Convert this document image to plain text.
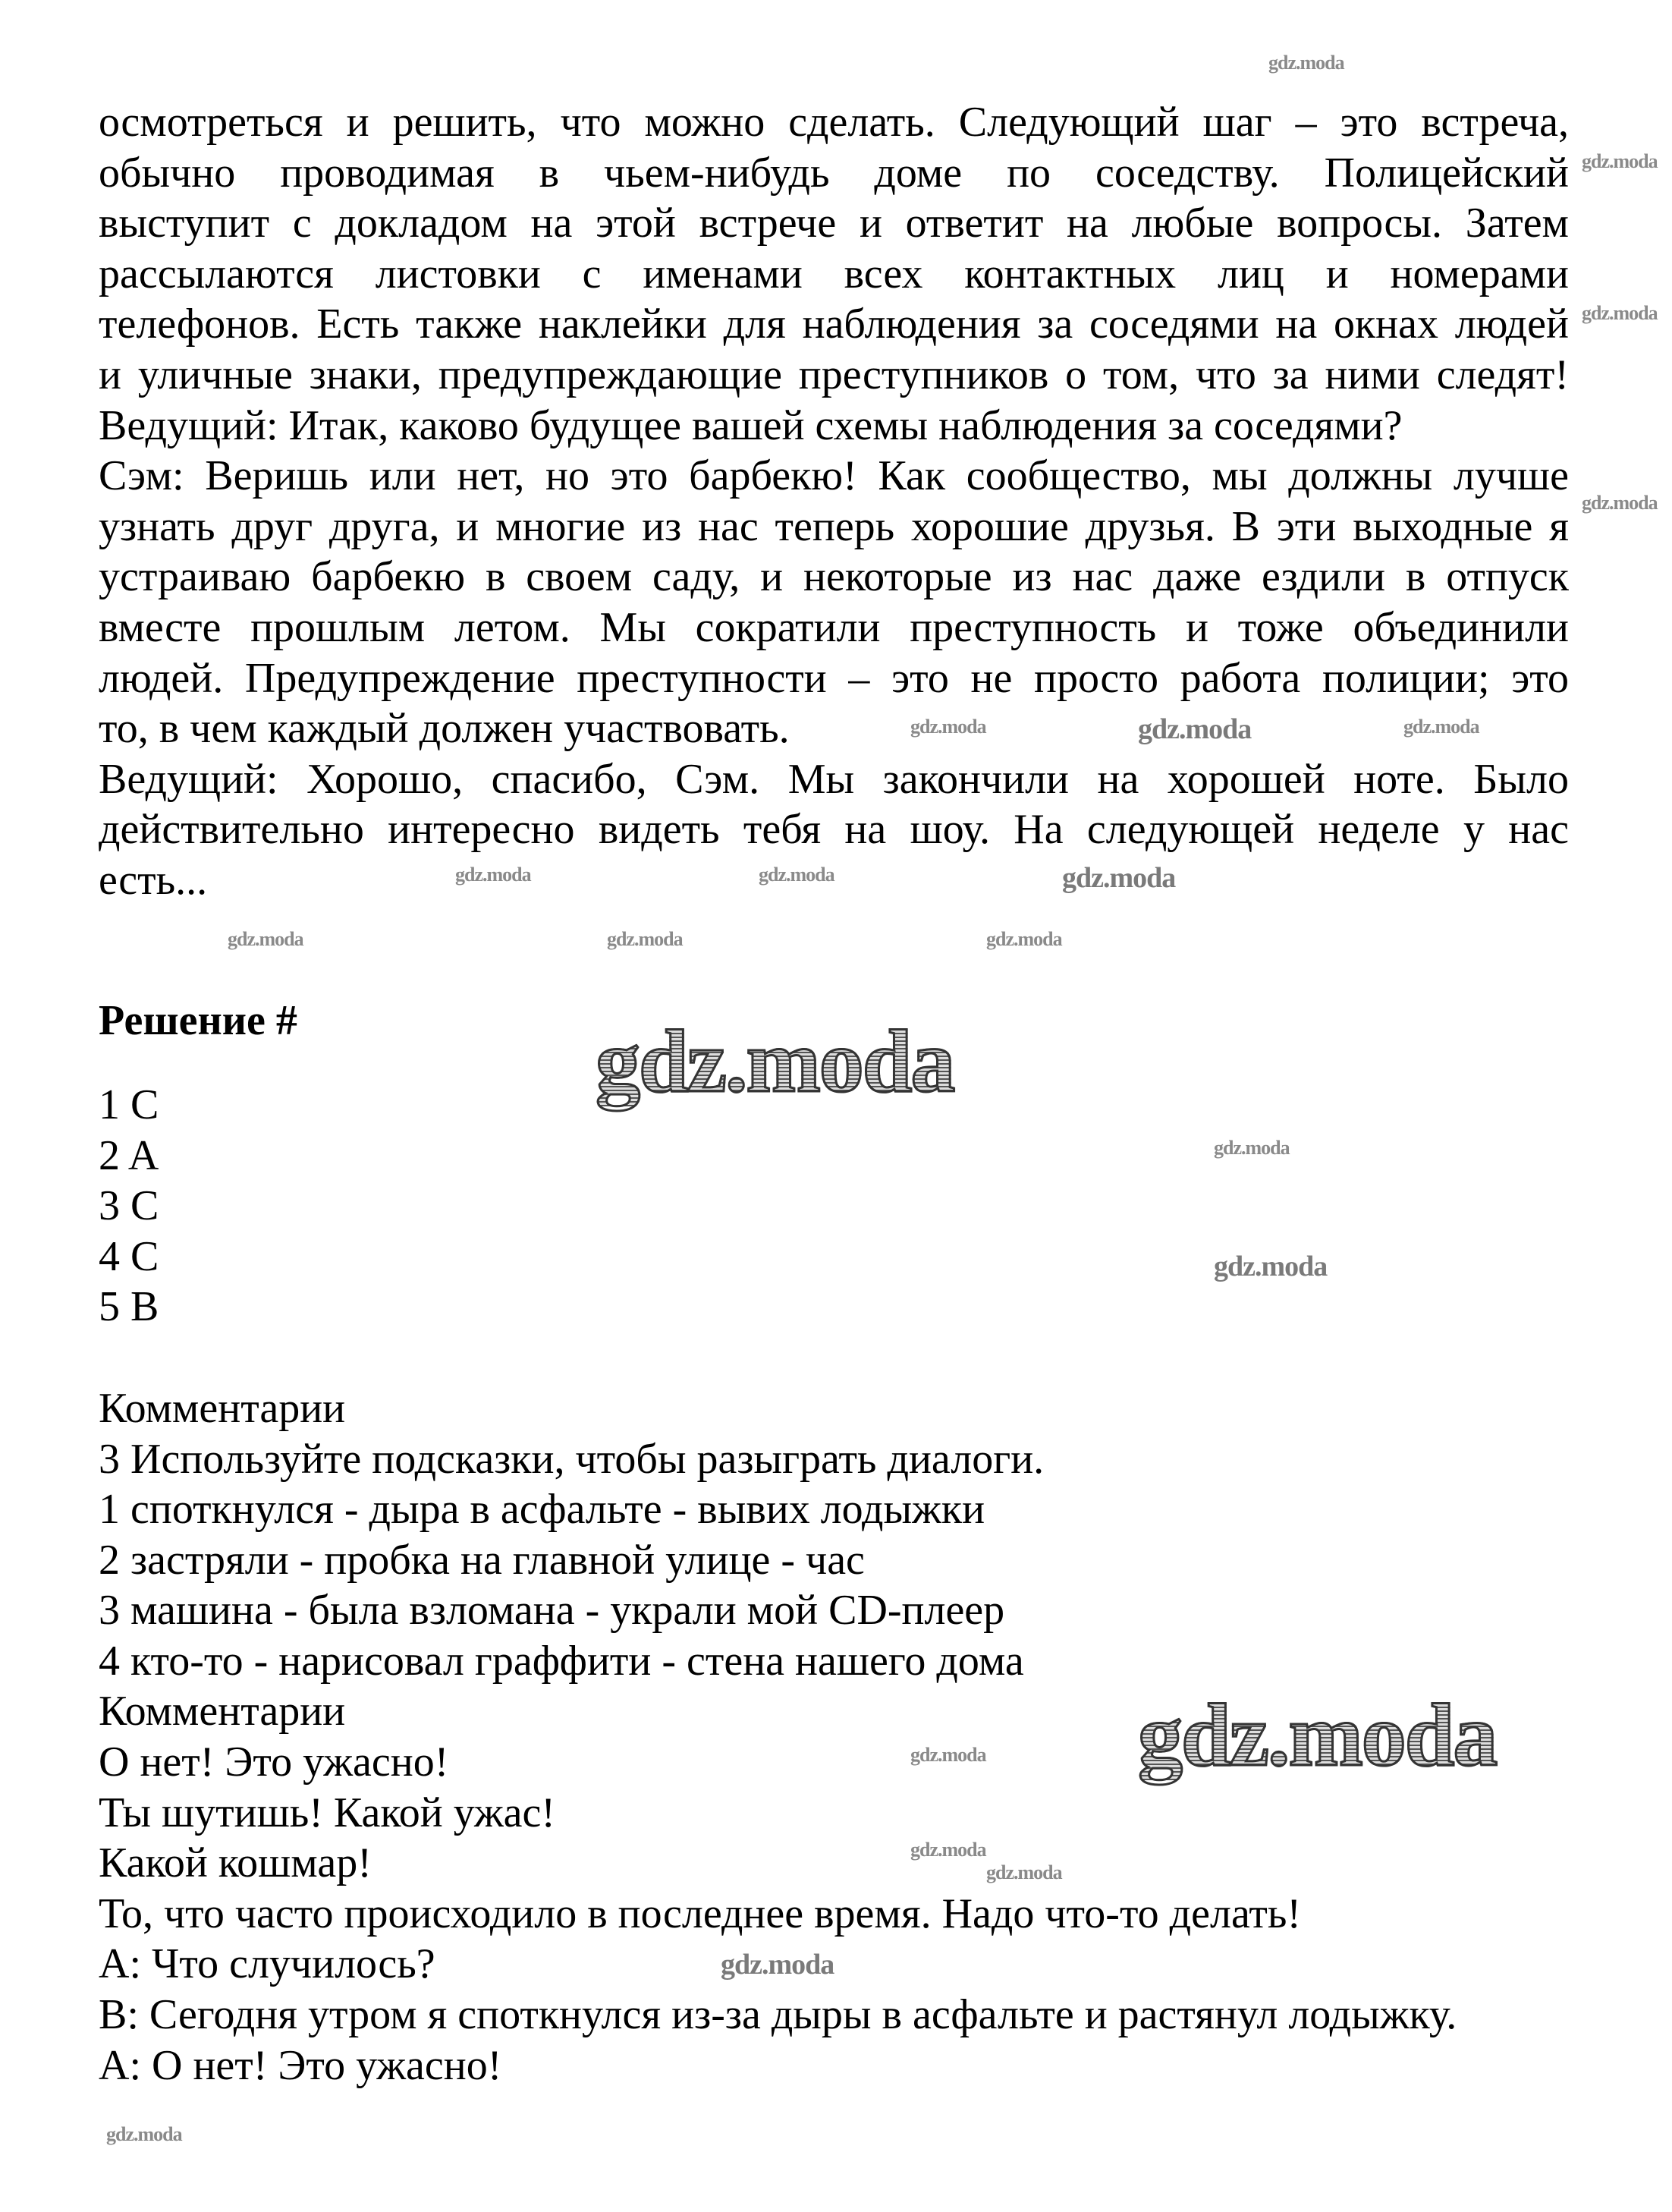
осмотреться и решить, что можно сделать. Следующий шаг – это встреча,
обычно проводимая в чьем-нибудь доме по соседству. Полицейский
выступит с докладом на этой встрече и ответит на любые вопросы. Затем
рассылаются листовки с именами всех контактных лиц и номерами
телефонов. Есть также наклейки для наблюдения за соседями на окнах людей
и уличные знаки, предупреждающие преступников о том, что за ними следят!
Ведущий: Итак, каково будущее вашей схемы наблюдения за соседями?
Сэм: Веришь или нет, но это барбекю! Как сообщество, мы должны лучше
узнать друг друга, и многие из нас теперь хорошие друзья. В эти выходные я
устраиваю барбекю в своем саду, и некоторые из нас даже ездили в отпуск
вместе прошлым летом. Мы сократили преступность и тоже объединили
людей. Предупреждение преступности – это не просто работа полиции; это
то, в чем каждый должен участвовать.
Ведущий: Хорошо, спасибо, Сэм. Мы закончили на хорошей ноте. Было
действительно интересно видеть тебя на шоу. На следующей неделе у нас
есть...
Решение #
1 C
2 A
3 C
4 C
5 B
Комментарии
3 Используйте подсказки, чтобы разыграть диалоги.
1 споткнулся - дыра в асфальте - вывих лодыжки
2 застряли - пробка на главной улице - час
3 машина - была взломана - украли мой CD-плеер
4 кто-то - нарисовал граффити - стена нашего дома
Комментарии
О нет! Это ужасно!
Ты шутишь! Какой ужас!
Какой кошмар!
То, что часто происходило в последнее время. Надо что-то делать!
А: Что случилось?
В: Сегодня утром я споткнулся из-за дыры в асфальте и растянул лодыжку.
А: О нет! Это ужасно!
gdz.moda
gdz.moda
gdz.moda
gdz.moda
gdz.moda
gdz.moda
gdz.moda	gdz.moda	gdz.moda
gdz.moda	gdz.moda	gdz.moda
gdz.moda	gdz.moda	gdz.moda
gdz.moda
gdz.moda
gdz.moda
gdz.moda
gdz.moda
gdz.moda
gdz.moda
